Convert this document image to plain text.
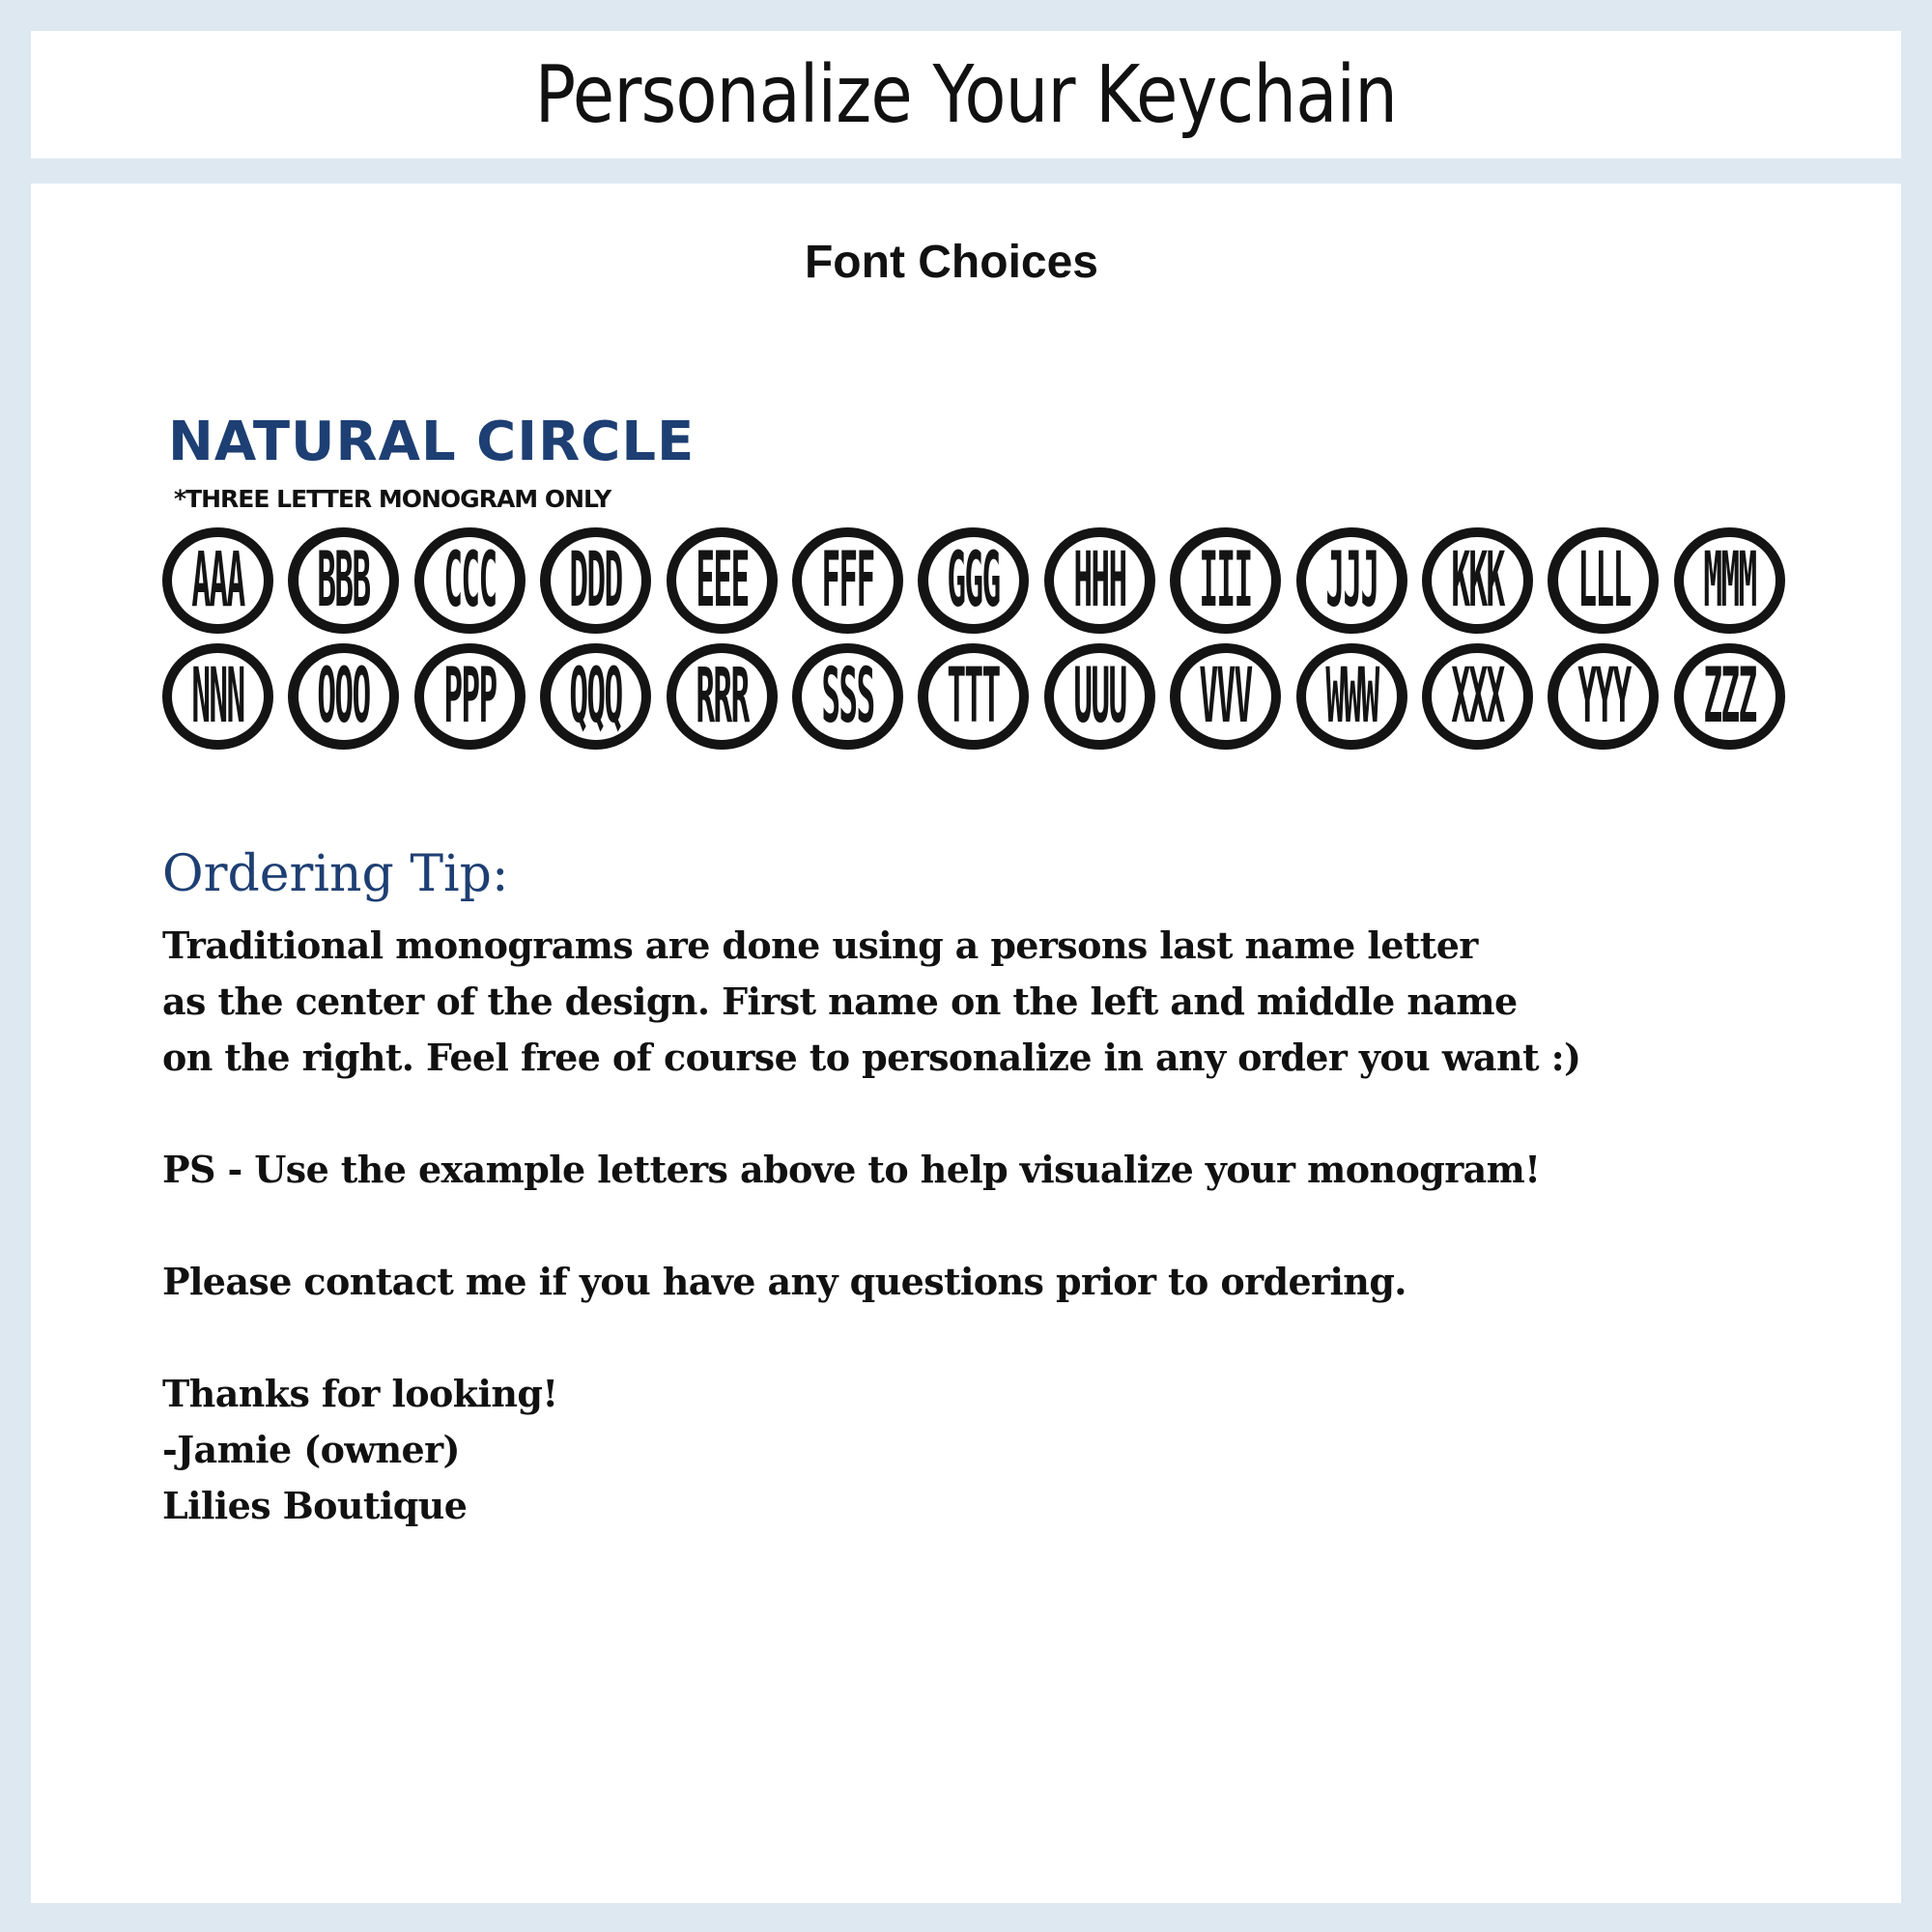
Personalize Your Keychain
Font Choices
NATURAL CIRCLE
*THREE LETTER MONOGRAM ONLY
AAA BBB CCC DDD EEE FFF GGG HHH III JJJ KKK LLL MMM
NNN OOO PPP QQQ RRR SSS TTT UUU VVV WWW XXX YYY ZZZ
Ordering Tip:

Traditional monograms are done using a persons last name letter

as the center of the design. First name on the left and middle name

on the right. Feel free of course to personalize in any order you want :)

PS - Use the example letters above to help visualize your monogram!

Please contact me if you have any questions prior to ordering.

Thanks for looking!

-Jamie (owner)

Lilies Boutique
